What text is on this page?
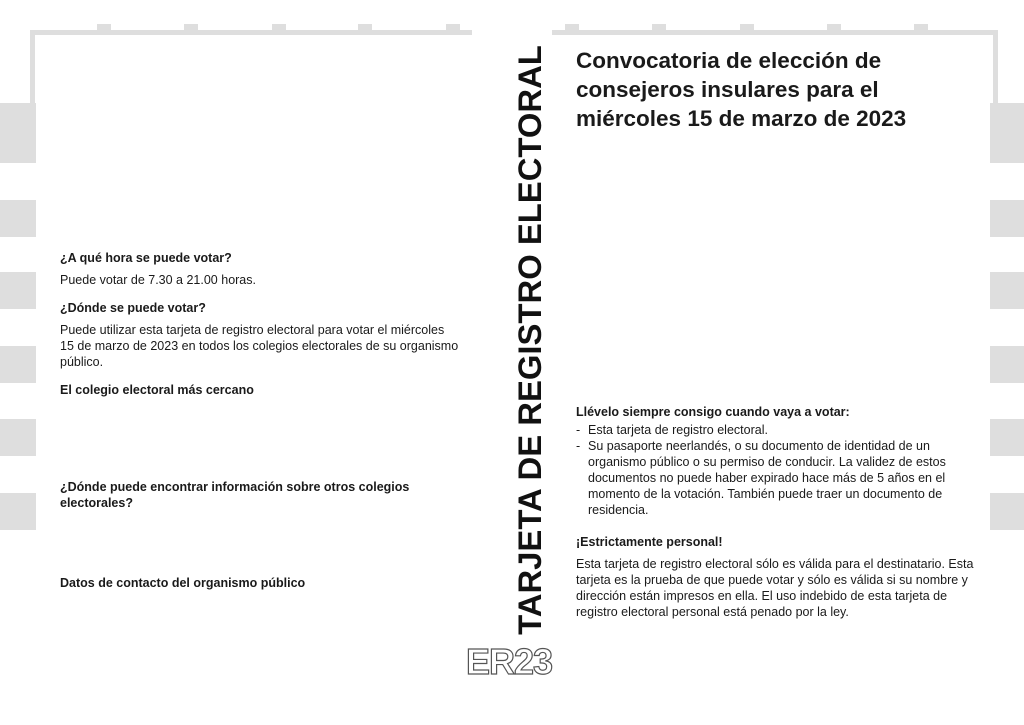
¿A qué hora se puede votar?

Puede votar de 7.30 a 21.00 horas.

¿Dónde se puede votar?

Puede utilizar esta tarjeta de registro electoral para votar el miércoles 15 de marzo de 2023 en todos los colegios electorales de su organismo público.

El colegio electoral más cercano

¿Dónde puede encontrar información sobre otros colegios electorales?

Datos de contacto del organismo público	TARJETA DE REGISTRO ELECTORAL
ER23
Convocatoria de elección de consejeros insulares para el miércoles 15 de marzo de 2023

Llévelo siempre consigo cuando vaya a votar:

- Esta tarjeta de registro electoral.
- Su pasaporte neerlandés, o su documento de identidad de un organismo público o su permiso de conducir. La validez de estos documentos no puede haber expirado hace más de 5 años en el momento de la votación. También puede traer un documento de residencia.

¡Estrictamente personal!

Esta tarjeta de registro electoral sólo es válida para el destinatario. Esta tarjeta es la prueba de que puede votar y sólo es válida si su nombre y dirección están impresos en ella. El uso indebido de esta tarjeta de registro electoral personal está penado por la ley.
